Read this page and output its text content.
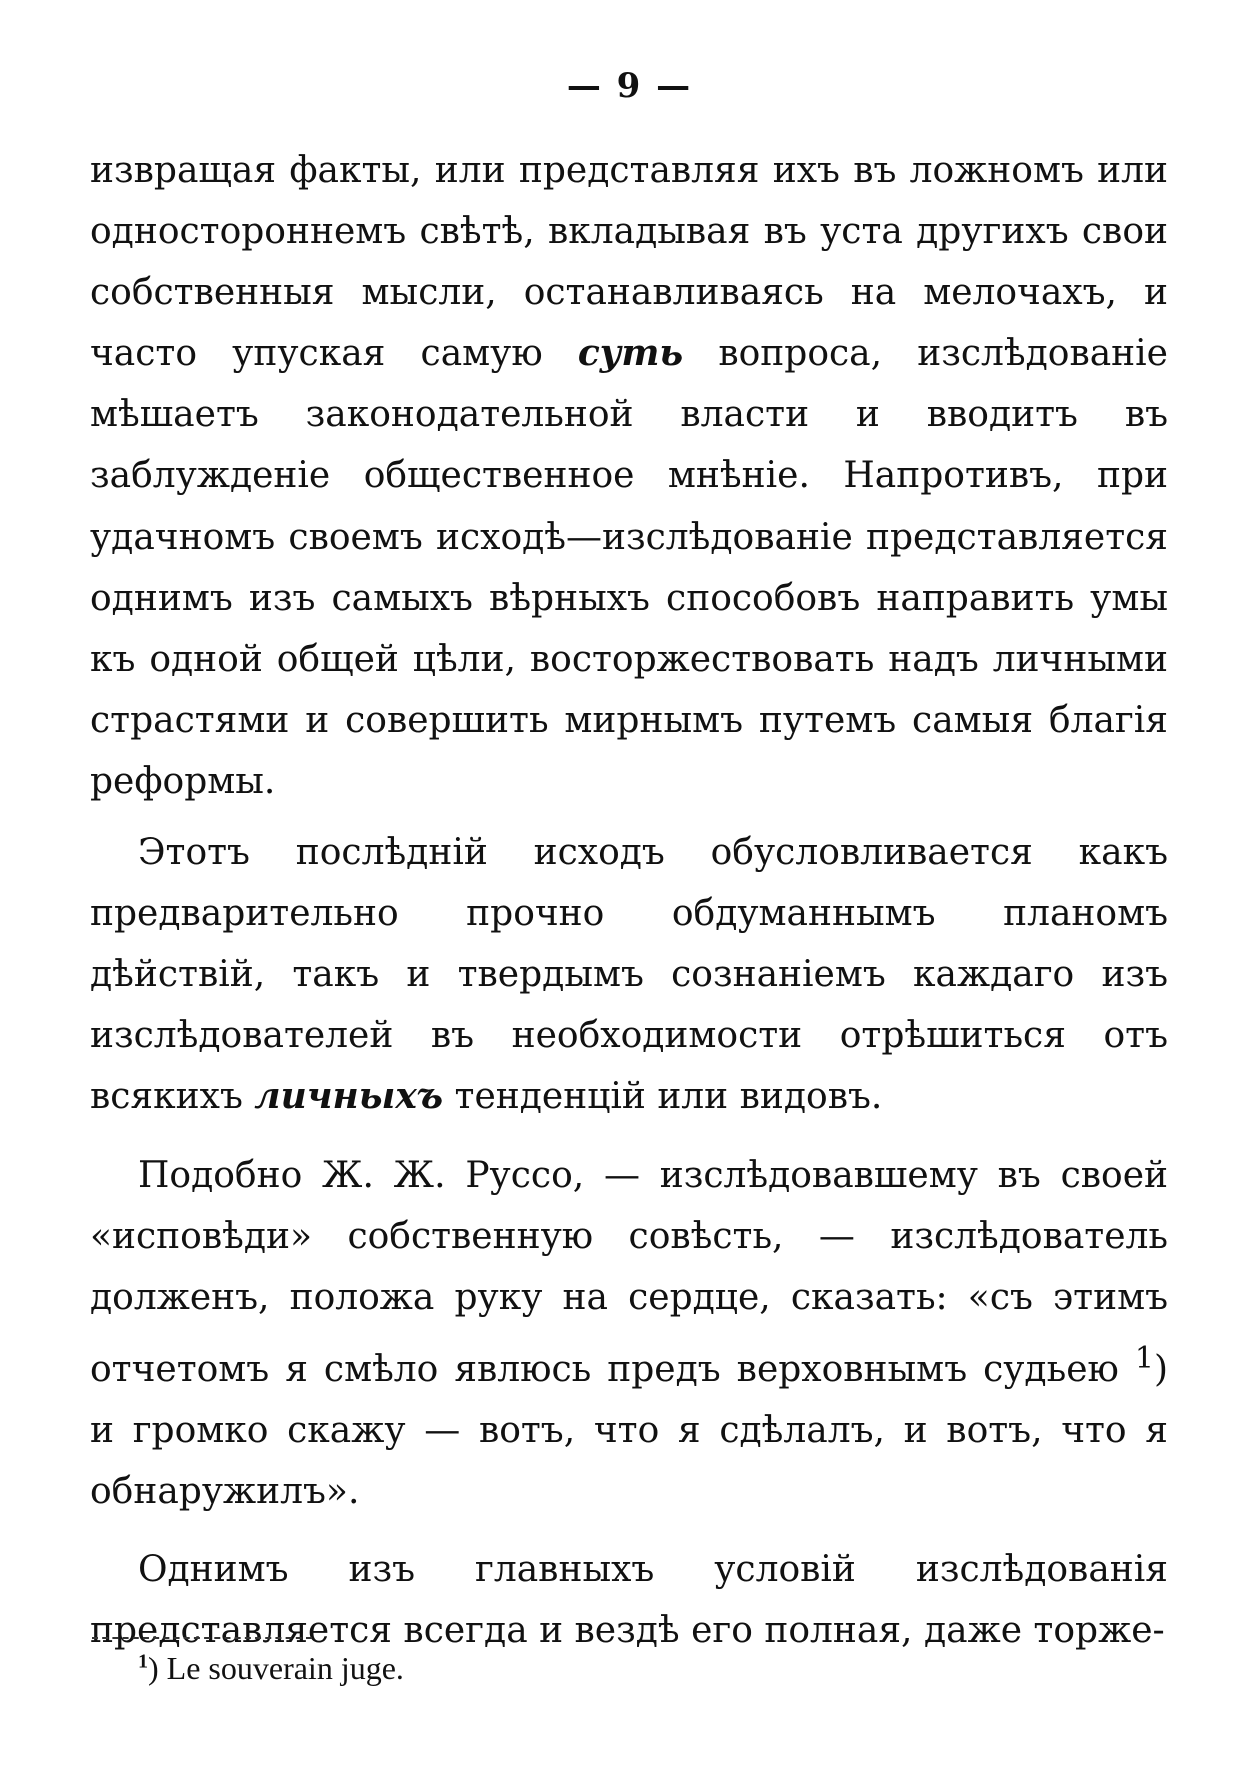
— 9 —

извращая факты, или представляя ихъ въ ложномъ или одностороннемъ свѣтѣ, вкладывая въ уста другихъ свои собственныя мысли, останавливаясь на мелочахъ, и часто упуская самую суть вопроса, изслѣдованіе мѣшаетъ законодательной власти и вводитъ въ заблужденіе общественное мнѣніе. Напротивъ, при удачномъ своемъ исходѣ—изслѣдованіе представляется однимъ изъ самыхъ вѣрныхъ способовъ направить умы къ одной общей цѣли, восторжествовать надъ личными страстями и совершить мирнымъ путемъ самыя благія реформы.

Этотъ послѣдній исходъ обусловливается какъ предварительно прочно обдуманнымъ планомъ дѣйствій, такъ и твердымъ сознаніемъ каждаго изъ изслѣдователей въ необходимости отрѣшиться отъ всякихъ личныхъ тенденцій или видовъ.

Подобно Ж. Ж. Руссо, — изслѣдовавшему въ своей «исповѣди» собственную совѣсть, — изслѣдователь долженъ, положа руку на сердце, сказать: «съ этимъ отчетомъ я смѣло явлюсь предъ верховнымъ судьею $^1$) и громко скажу — вотъ, что я сдѣлалъ, и вотъ, что я обнаружилъ».

Однимъ изъ главныхъ условій изслѣдованія представляется всегда и вездѣ его полная, даже торже-

$^1$) Le souverain juge.
